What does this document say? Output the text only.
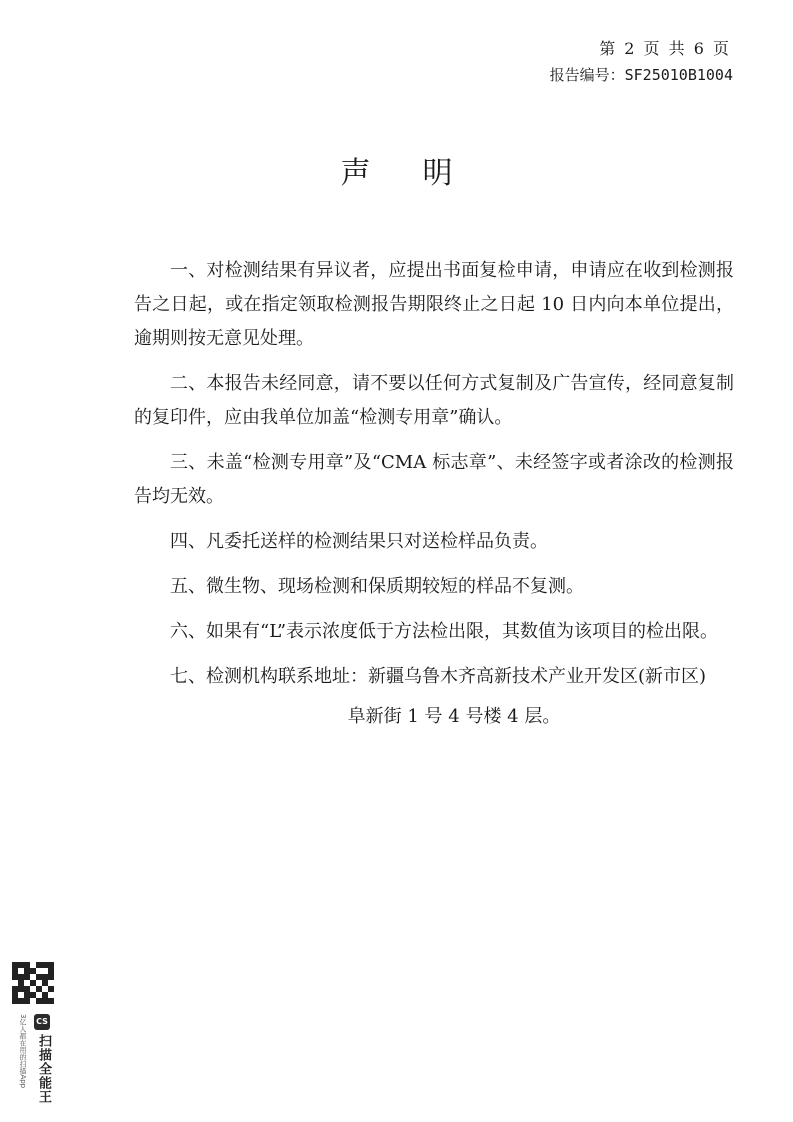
第 2 页 共 6 页
报告编号：SF25010B1004
声明

一、对检测结果有异议者，应提出书面复检申请，申请应在收到检测报告之日起，或在指定领取检测报告期限终止之日起 10 日内向本单位提出，逾期则按无意见处理。

二、本报告未经同意，请不要以任何方式复制及广告宣传，经同意复制的复印件，应由我单位加盖“检测专用章”确认。

三、未盖“检测专用章”及“CMA 标志章”、未经签字或者涂改的检测报告均无效。

四、凡委托送样的检测结果只对送检样品负责。

五、微生物、现场检测和保质期较短的样品不复测。

六、如果有“L”表示浓度低于方法检出限，其数值为该项目的检出限。

七、检测机构联系地址：新疆乌鲁木齐高新技术产业开发区(新市区)
阜新街 1 号 4 号楼 4 层。

CS
扫描全能王
3亿人都在用的扫描App
